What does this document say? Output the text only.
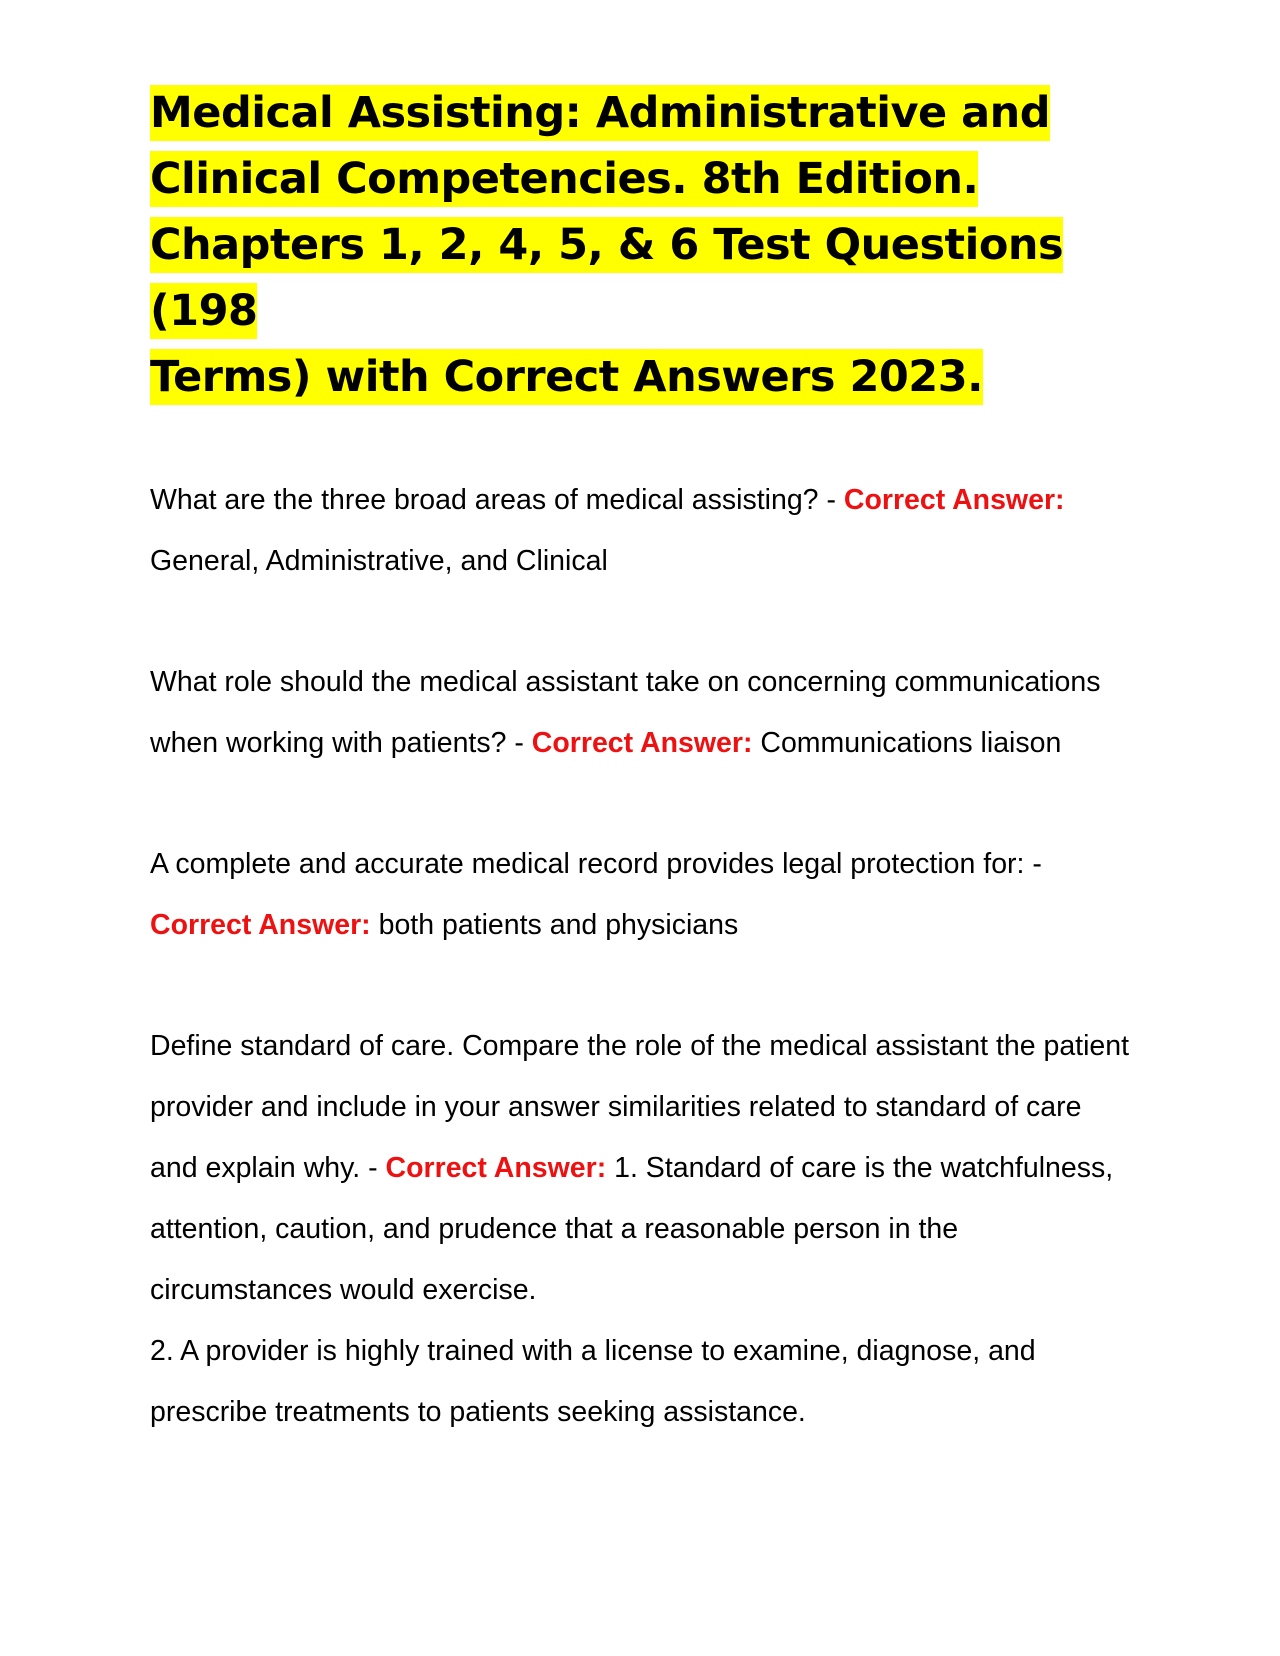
Medical Assisting: Administrative and
Clinical Competencies. 8th Edition.
Chapters 1, 2, 4, 5, & 6 Test Questions (198
Terms) with Correct Answers 2023.

What are the three broad areas of medical assisting? - Correct Answer: General, Administrative, and Clinical

What role should the medical assistant take on concerning communications when working with patients? - Correct Answer: Communications liaison

A complete and accurate medical record provides legal protection for: - Correct Answer: both patients and physicians

Define standard of care. Compare the role of the medical assistant the patient provider and include in your answer similarities related to standard of care and explain why. - Correct Answer: 1. Standard of care is the watchfulness, attention, caution, and prudence that a reasonable person in the circumstances would exercise.
2. A provider is highly trained with a license to examine, diagnose, and prescribe treatments to patients seeking assistance.
